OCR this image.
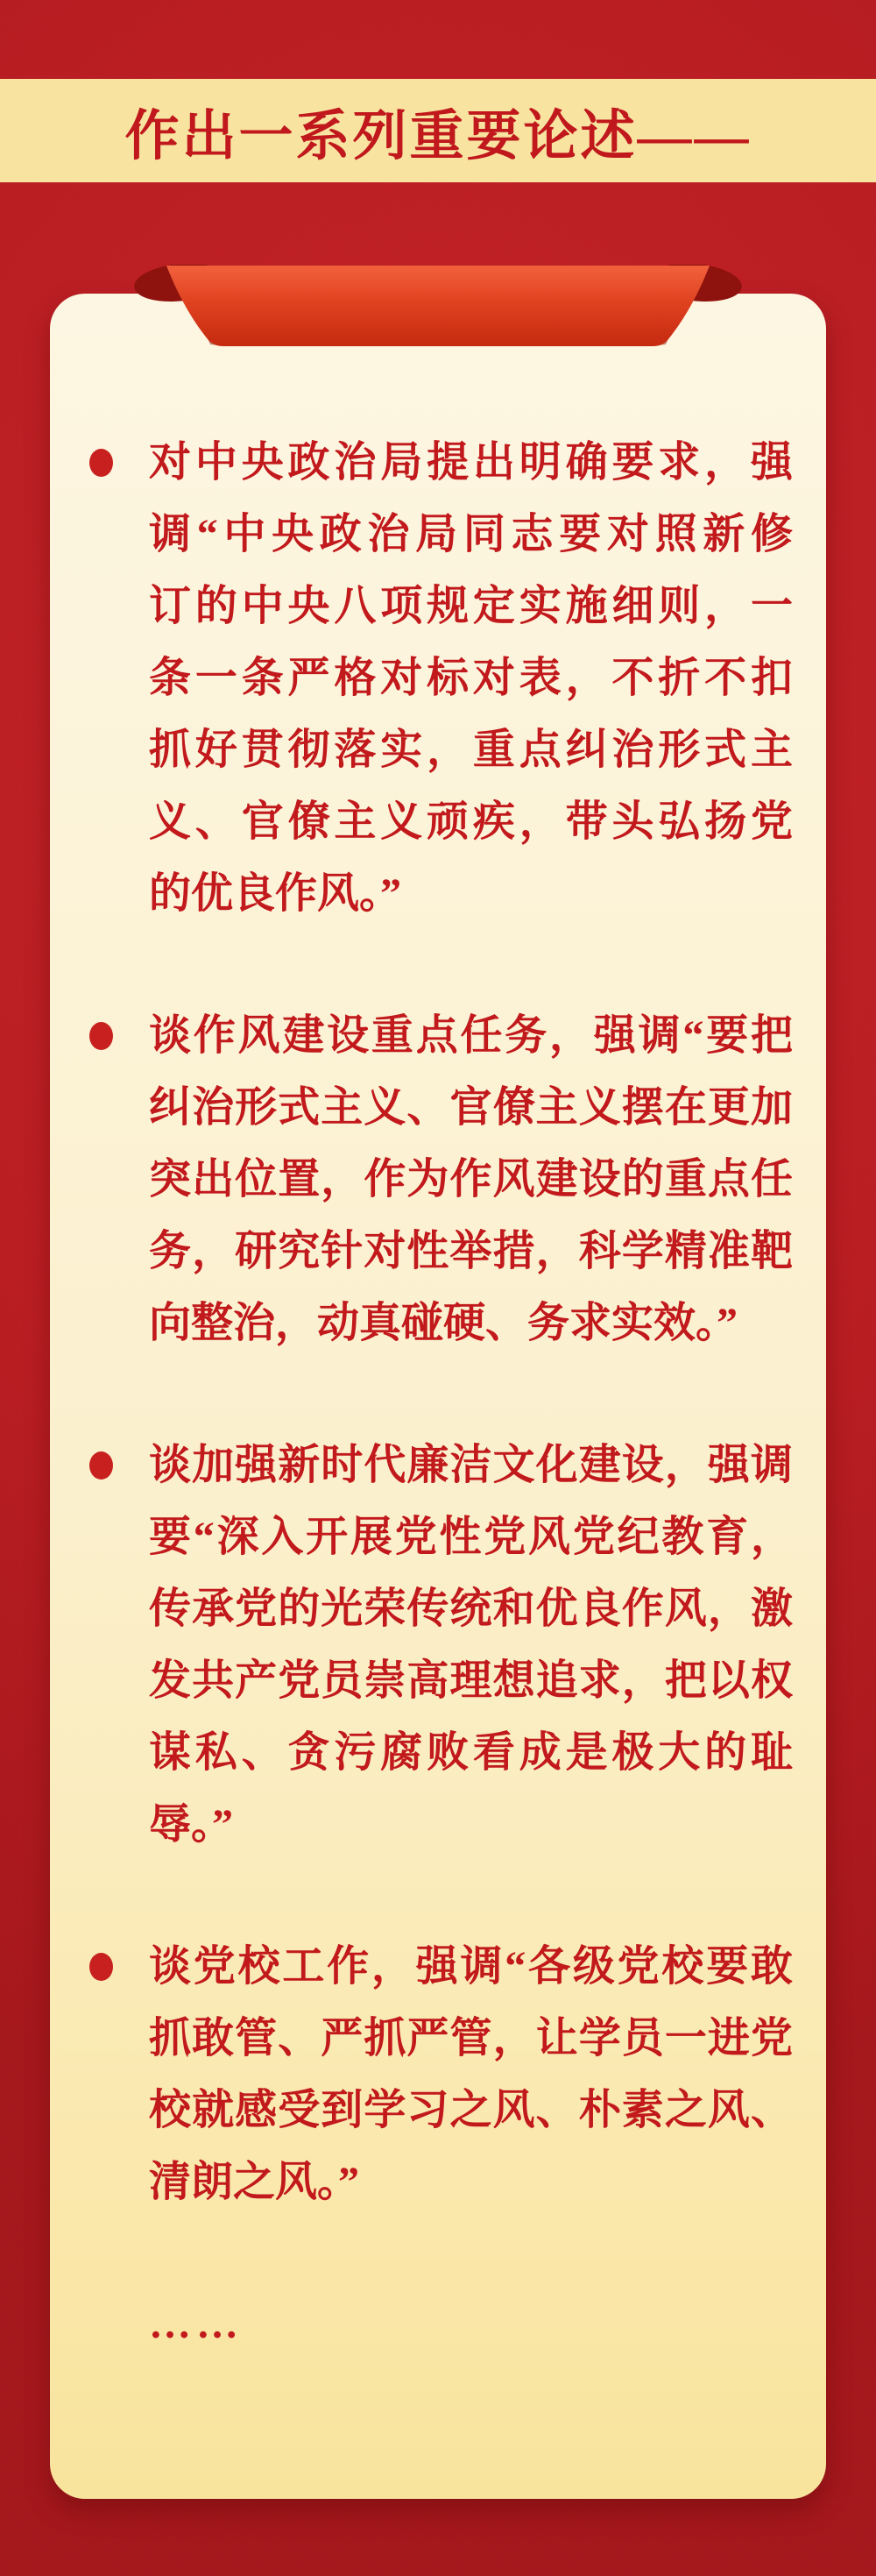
作出一系列重要论述——
对中央政治局提出明确要求，强
调“中央政治局同志要对照新修
订的中央八项规定实施细则，一
条一条严格对标对表，不折不扣
抓好贯彻落实，重点纠治形式主
义、官僚主义顽疾，带头弘扬党
的优良作风。”
谈作风建设重点任务，强调“要把
纠治形式主义、官僚主义摆在更加
突出位置，作为作风建设的重点任
务，研究针对性举措，科学精准靶
向整治，动真碰硬、务求实效。”
谈加强新时代廉洁文化建设，强调
要“深入开展党性党风党纪教育，
传承党的光荣传统和优良作风，激
发共产党员崇高理想追求，把以权
谋私、贪污腐败看成是极大的耻
辱。”
谈党校工作，强调“各级党校要敢
抓敢管、严抓严管，让学员一进党
校就感受到学习之风、朴素之风、
清朗之风。”
……
